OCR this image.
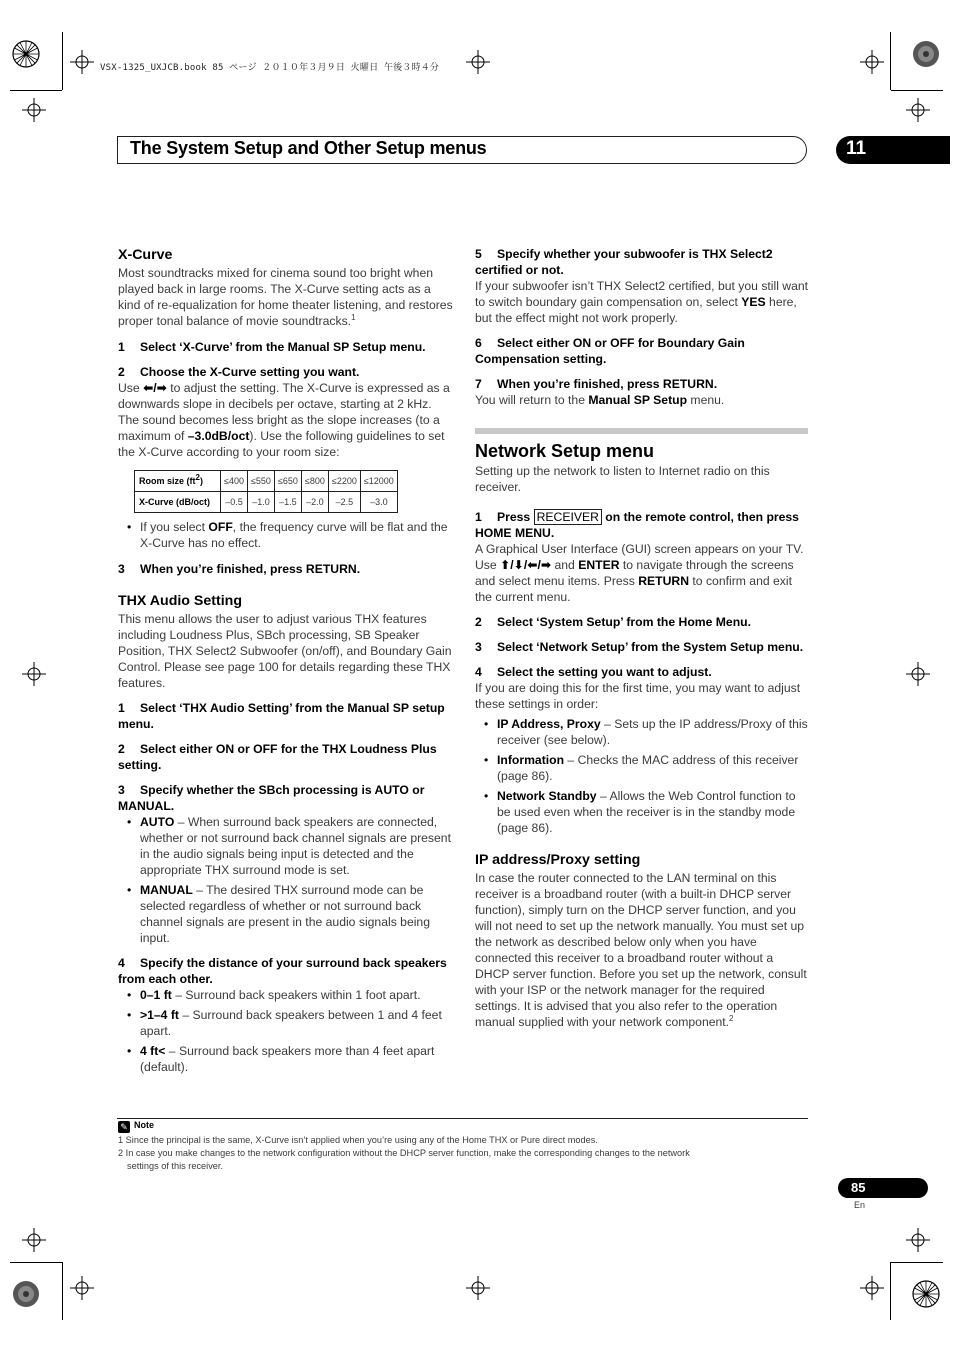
VSX-1325_UXJCB.book 85 ページ ２０１０年３月９日 火曜日 午後３時４分
The System Setup and Other Setup menus	11

X-Curve

Most soundtracks mixed for cinema sound too bright when played back in large rooms. The X-Curve setting acts as a kind of re-equalization for home theater listening, and restores proper tonal balance of movie soundtracks.$^1$

1 Select ‘X-Curve’ from the Manual SP Setup menu.

2 Choose the X-Curve setting you want.

Use ⬅/➡ to adjust the setting. The X-Curve is expressed as a downwards slope in decibels per octave, starting at 2 kHz. The sound becomes less bright as the slope increases (to a maximum of –3.0dB/oct). Use the following guidelines to set the X-Curve according to your room size:

Room size $(ft^2)$	≤400	≤550	≤650	≤800	≤2200	≤12000
X-Curve (dB/oct)	–0.5	–1.0	–1.5	–2.0	–2.5	–3.0

• If you select OFF, the frequency curve will be flat and the X-Curve has no effect.

3 When you’re finished, press RETURN.

THX Audio Setting

This menu allows the user to adjust various THX features including Loudness Plus, SBch processing, SB Speaker Position, THX Select2 Subwoofer (on/off), and Boundary Gain Control. Please see page 100 for details regarding these THX features.

1 Select ‘THX Audio Setting’ from the Manual SP setup menu.

2 Select either ON or OFF for the THX Loudness Plus setting.

3 Specify whether the SBch processing is AUTO or MANUAL.

• AUTO – When surround back speakers are connected, whether or not surround back channel signals are present in the audio signals being input is detected and the appropriate THX surround mode is set.

• MANUAL – The desired THX surround mode can be selected regardless of whether or not surround back channel signals are present in the audio signals being input.

4 Specify the distance of your surround back speakers from each other.

• 0–1 ft – Surround back speakers within 1 foot apart.

• >1–4 ft – Surround back speakers between 1 and 4 feet apart.

• 4 ft< – Surround back speakers more than 4 feet apart (default).

5 Specify whether your subwoofer is THX Select2 certified or not.

If your subwoofer isn’t THX Select2 certified, but you still want to switch boundary gain compensation on, select YES here, but the effect might not work properly.

6 Select either ON or OFF for Boundary Gain Compensation setting.

7 When you’re finished, press RETURN.

You will return to the Manual SP Setup menu.

Network Setup menu

Setting up the network to listen to Internet radio on this receiver.

1 Press RECEIVER on the remote control, then press HOME MENU.

A Graphical User Interface (GUI) screen appears on your TV. Use ⬆/⬇/⬅/➡ and ENTER to navigate through the screens and select menu items. Press RETURN to confirm and exit the current menu.

2 Select ‘System Setup’ from the Home Menu.

3 Select ‘Network Setup’ from the System Setup menu.

4 Select the setting you want to adjust.

If you are doing this for the first time, you may want to adjust these settings in order:

• IP Address, Proxy – Sets up the IP address/Proxy of this receiver (see below).

• Information – Checks the MAC address of this receiver (page 86).

• Network Standby – Allows the Web Control function to be used even when the receiver is in the standby mode (page 86).

IP address/Proxy setting

In case the router connected to the LAN terminal on this receiver is a broadband router (with a built-in DHCP server function), simply turn on the DHCP server function, and you will not need to set up the network manually. You must set up the network as described below only when you have connected this receiver to a broadband router without a DHCP server function. Before you set up the network, consult with your ISP or the network manager for the required settings. It is advised that you also refer to the operation manual supplied with your network component.$^2$

✎ Note
1 Since the principal is the same, X-Curve isn’t applied when you’re using any of the Home THX or Pure direct modes.
2 In case you make changes to the network configuration without the DHCP server function, make the corresponding changes to the network
settings of this receiver.
85
En
